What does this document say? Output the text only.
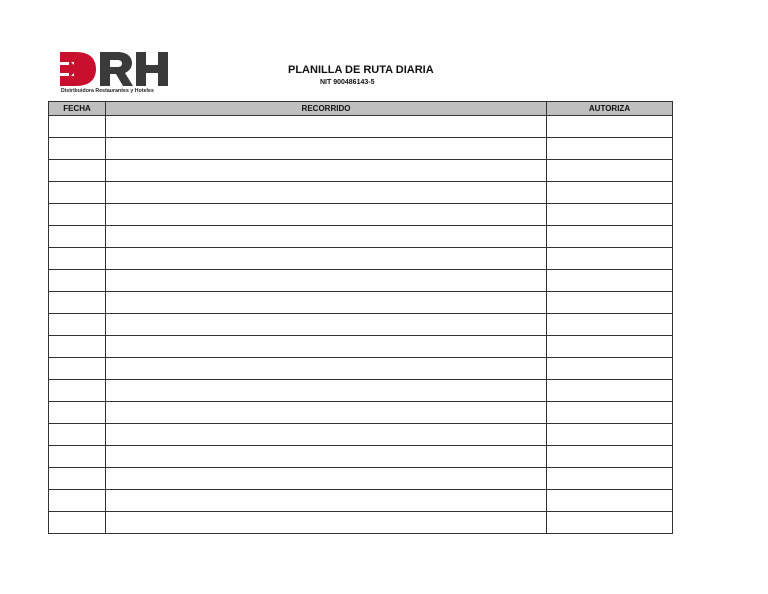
Distribuidora Restaurantes y Hoteles
PLANILLA DE RUTA DIARIA
NIT 900486143-5
FECHA	RECORRIDO	AUTORIZA
